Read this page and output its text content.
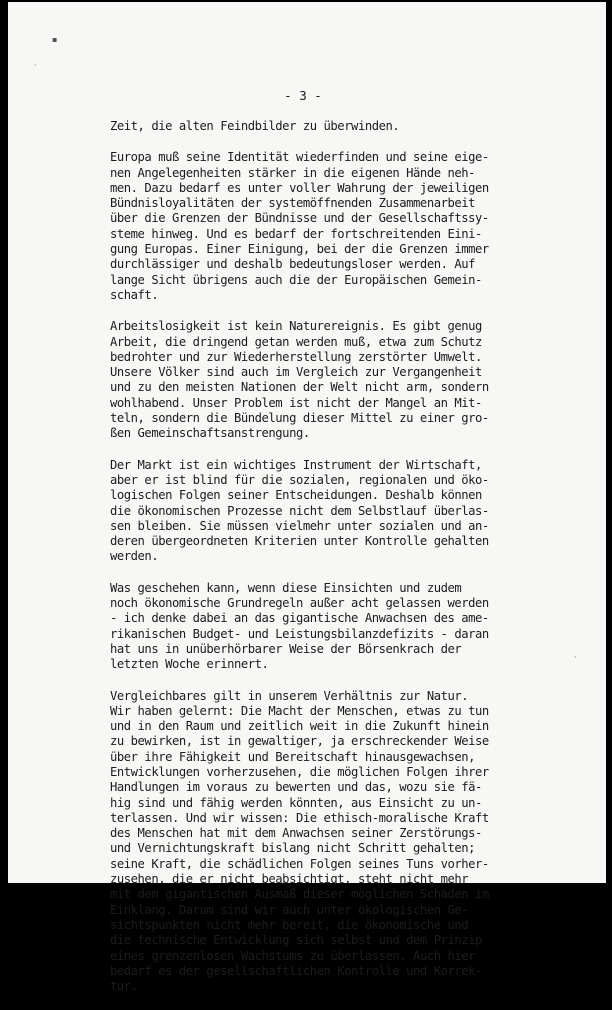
▪
·
·

- 3 -

Zeit, die alten Feindbilder zu überwinden.

Europa muß seine Identität wiederfinden und seine eige-
nen Angelegenheiten stärker in die eigenen Hände neh-
men. Dazu bedarf es unter voller Wahrung der jeweiligen
Bündnisloyalitäten der systemöffnenden Zusammenarbeit
über die Grenzen der Bündnisse und der Gesellschaftssy-
steme hinweg. Und es bedarf der fortschreitenden Eini-
gung Europas. Einer Einigung, bei der die Grenzen immer
durchlässiger und deshalb bedeutungsloser werden. Auf
lange Sicht übrigens auch die der Europäischen Gemein-
schaft.

Arbeitslosigkeit ist kein Naturereignis. Es gibt genug
Arbeit, die dringend getan werden muß, etwa zum Schutz
bedrohter und zur Wiederherstellung zerstörter Umwelt.
Unsere Völker sind auch im Vergleich zur Vergangenheit
und zu den meisten Nationen der Welt nicht arm, sondern
wohlhabend. Unser Problem ist nicht der Mangel an Mit-
teln, sondern die Bündelung dieser Mittel zu einer gro-
ßen Gemeinschaftsanstrengung.

Der Markt ist ein wichtiges Instrument der Wirtschaft,
aber er ist blind für die sozialen, regionalen und öko-
logischen Folgen seiner Entscheidungen. Deshalb können
die ökonomischen Prozesse nicht dem Selbstlauf überlas-
sen bleiben. Sie müssen vielmehr unter sozialen und an-
deren übergeordneten Kriterien unter Kontrolle gehalten
werden.

Was geschehen kann, wenn diese Einsichten und zudem
noch ökonomische Grundregeln außer acht gelassen werden
- ich denke dabei an das gigantische Anwachsen des ame-
rikanischen Budget- und Leistungsbilanzdefizits - daran
hat uns in unüberhörbarer Weise der Börsenkrach der
letzten Woche erinnert.

Vergleichbares gilt in unserem Verhältnis zur Natur.
Wir haben gelernt: Die Macht der Menschen, etwas zu tun
und in den Raum und zeitlich weit in die Zukunft hinein
zu bewirken, ist in gewaltiger, ja erschreckender Weise
über ihre Fähigkeit und Bereitschaft hinausgewachsen,
Entwicklungen vorherzusehen, die möglichen Folgen ihrer
Handlungen im voraus zu bewerten und das, wozu sie fä-
hig sind und fähig werden könnten, aus Einsicht zu un-
terlassen. Und wir wissen: Die ethisch-moralische Kraft
des Menschen hat mit dem Anwachsen seiner Zerstörungs-
und Vernichtungskraft bislang nicht Schritt gehalten;
seine Kraft, die schädlichen Folgen seines Tuns vorher-
zusehen, die er nicht beabsichtigt, steht nicht mehr
mit dem gigantischen Ausmaß dieser möglichen Schäden im
Einklang. Darum sind wir auch unter ökologischen Ge-
sichtspunkten nicht mehr bereit, die ökonomische und
die technische Entwicklung sich selbst und dem Prinzip
eines grenzenlosen Wachstums zu überlassen. Auch hier
bedarf es der gesellschaftlichen Kontrolle und Korrek-
tur.
